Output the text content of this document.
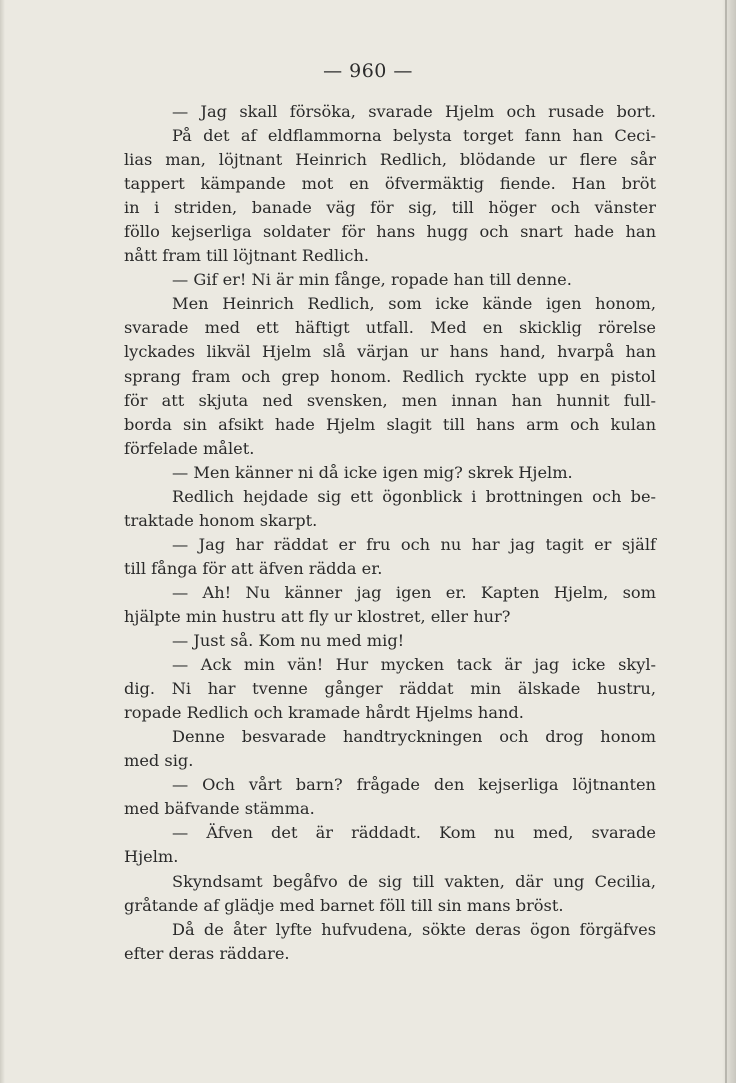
— 960 —
— Jag skall försöka, svarade Hjelm och rusade bort.
På det af eldflammorna belysta torget fann han Ceci-
lias man, löjtnant Heinrich Redlich, blödande ur flere sår
tappert kämpande mot en öfvermäktig fiende. Han bröt
in i striden, banade väg för sig, till höger och vänster
föllo kejserliga soldater för hans hugg och snart hade han
nått fram till löjtnant Redlich.
— Gif er! Ni är min fånge, ropade han till denne.
Men Heinrich Redlich, som icke kände igen honom,
svarade med ett häftigt utfall. Med en skicklig rörelse
lyckades likväl Hjelm slå värjan ur hans hand, hvarpå han
sprang fram och grep honom. Redlich ryckte upp en pistol
för att skjuta ned svensken, men innan han hunnit full-
borda sin afsikt hade Hjelm slagit till hans arm och kulan
förfelade målet.
— Men känner ni då icke igen mig? skrek Hjelm.
Redlich hejdade sig ett ögonblick i brottningen och be-
traktade honom skarpt.
— Jag har räddat er fru och nu har jag tagit er själf
till fånga för att äfven rädda er.
— Ah! Nu känner jag igen er. Kapten Hjelm, som
hjälpte min hustru att fly ur klostret, eller hur?
— Just så. Kom nu med mig!
— Ack min vän! Hur mycken tack är jag icke skyl-
dig. Ni har tvenne gånger räddat min älskade hustru,
ropade Redlich och kramade hårdt Hjelms hand.
Denne besvarade handtryckningen och drog honom
med sig.
— Och vårt barn? frågade den kejserliga löjtnanten
med bäfvande stämma.
— Äfven det är räddadt. Kom nu med, svarade
Hjelm.
Skyndsamt begåfvo de sig till vakten, där ung Cecilia,
gråtande af glädje med barnet föll till sin mans bröst.
Då de åter lyfte hufvudena, sökte deras ögon förgäfves
efter deras räddare.
